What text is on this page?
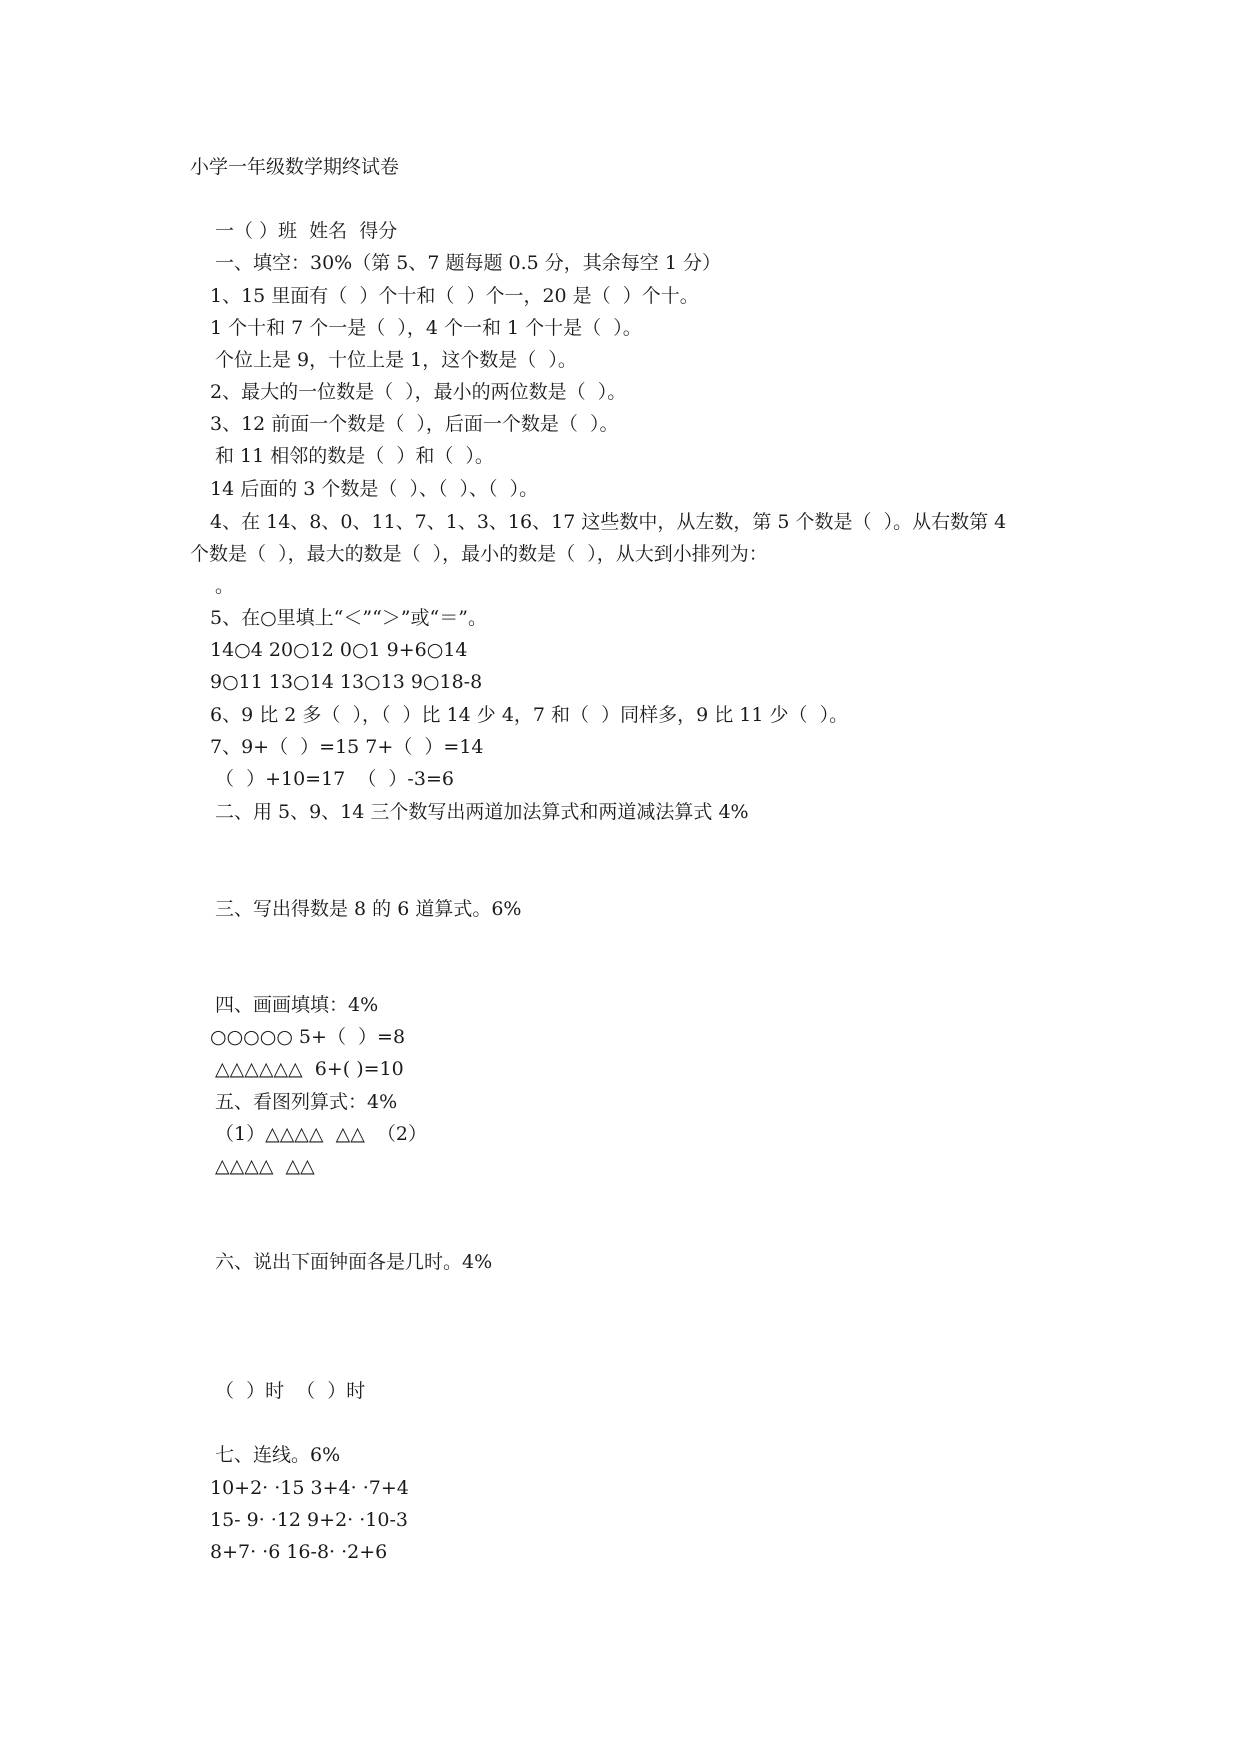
小学一年级数学期终试卷
一（ ）班  姓名  得分
一、填空：30%（第 5、7 题每题 0.5 分，其余每空 1 分）
1、15 里面有（  ）个十和（  ）个一，20 是（  ）个十。
1 个十和 7 个一是（  ），4 个一和 1 个十是（  ）。
个位上是 9，十位上是 1，这个数是（  ）。
2、最大的一位数是（  ），最小的两位数是（  ）。
3、12 前面一个数是（  ），后面一个数是（  ）。
和 11 相邻的数是（  ）和（  ）。
14 后面的 3 个数是（  ）、（  ）、（  ）。
4、在 14、8、0、11、7、1、3、16、17 这些数中，从左数，第 5 个数是（  ）。从右数第 4
个数是（  ），最大的数是（  ），最小的数是（  ），从大到小排列为：
。
5、在○里填上“＜”“＞”或“＝”。
14○4 20○12 0○1 9+6○14
9○11 13○14 13○13 9○18-8
6、9 比 2 多（  ），（  ）比 14 少 4，7 和（  ）同样多，9 比 11 少（  ）。
7、9+（  ）=15 7+（  ）=14
（  ）+10=17  （  ）-3=6
二、用 5、9、14 三个数写出两道加法算式和两道减法算式 4%
三、写出得数是 8 的 6 道算式。6%
四、画画填填：4%
○○○○○ 5+（  ）=8
△△△△△△  6+( )=10
五、看图列算式：4%
（1）△△△△  △△  （2）
△△△△  △△
六、说出下面钟面各是几时。4%
（  ）时  （  ）时
七、连线。6%
10+2· ·15 3+4· ·7+4
15- 9· ·12 9+2· ·10-3
8+7· ·6 16-8· ·2+6
